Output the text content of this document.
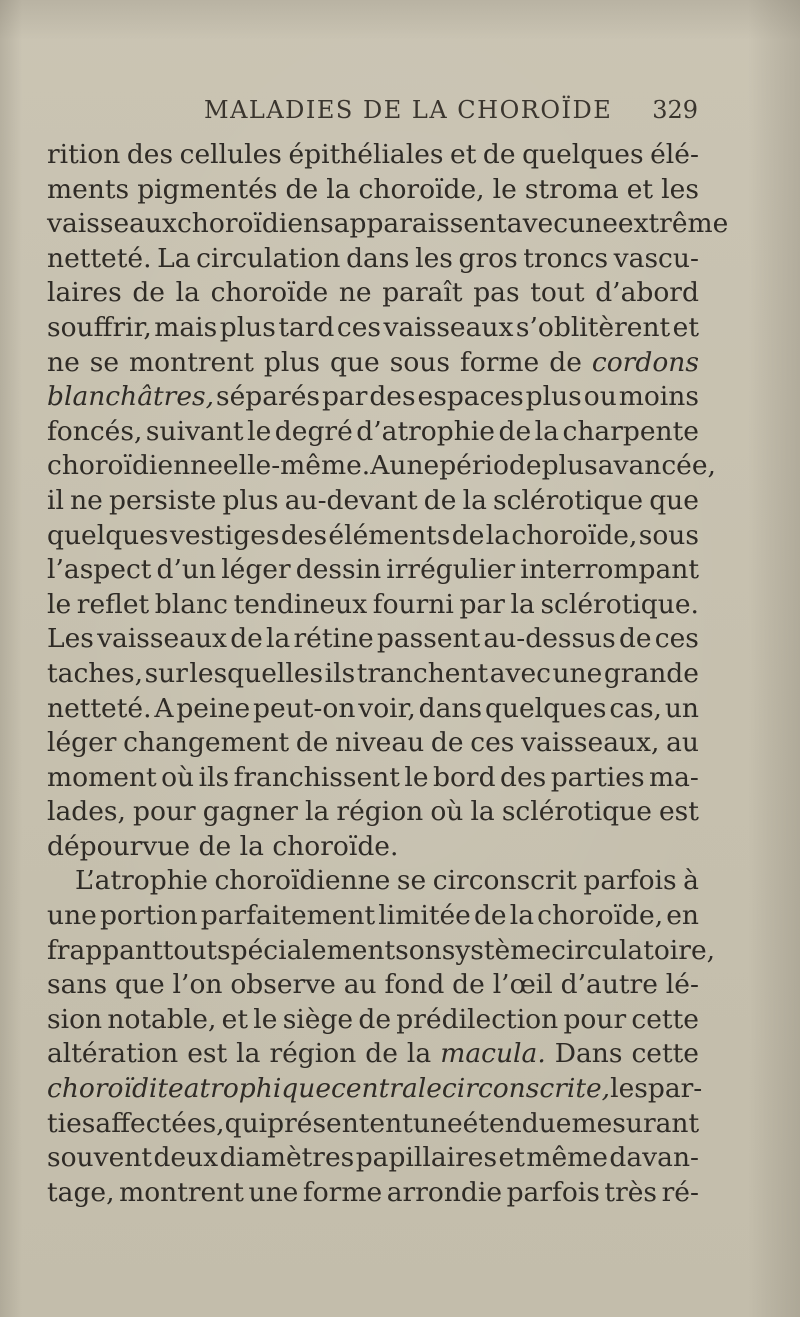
MALADIES DE LA CHOROÏDE 329
rition des cellules épithéliales et de quelques élé-
ments pigmentés de la choroïde, le stroma et les
vaisseaux choroïdiens apparaissent avec une extrême
netteté. La circulation dans les gros troncs vascu-
laires de la choroïde ne paraît pas tout d’abord
souffrir, mais plus tard ces vaisseaux s’oblitèrent et
ne se montrent plus que sous forme de cordons
blanchâtres, séparés par des espaces plus ou moins
foncés, suivant le degré d’atrophie de la charpente
choroïdienne elle-même. A une période plus avancée,
il ne persiste plus au-devant de la sclérotique que
quelques vestiges des éléments de la choroïde, sous
l’aspect d’un léger dessin irrégulier interrompant
le reflet blanc tendineux fourni par la sclérotique.
Les vaisseaux de la rétine passent au-dessus de ces
taches, sur lesquelles ils tranchent avec une grande
netteté. A peine peut-on voir, dans quelques cas, un
léger changement de niveau de ces vaisseaux, au
moment où ils franchissent le bord des parties ma-
lades, pour gagner la région où la sclérotique est
dépourvue de la choroïde.
L’atrophie choroïdienne se circonscrit parfois à
une portion parfaitement limitée de la choroïde, en
frappant tout spécialement son système circulatoire,
sans que l’on observe au fond de l’œil d’autre lé-
sion notable, et le siège de prédilection pour cette
altération est la région de la macula. Dans cette
choroïdite atrophique centrale circonscrite, les par-
ties affectées, qui présentent une étendue mesurant
souvent deux diamètres papillaires et même davan-
tage, montrent une forme arrondie parfois très ré-
